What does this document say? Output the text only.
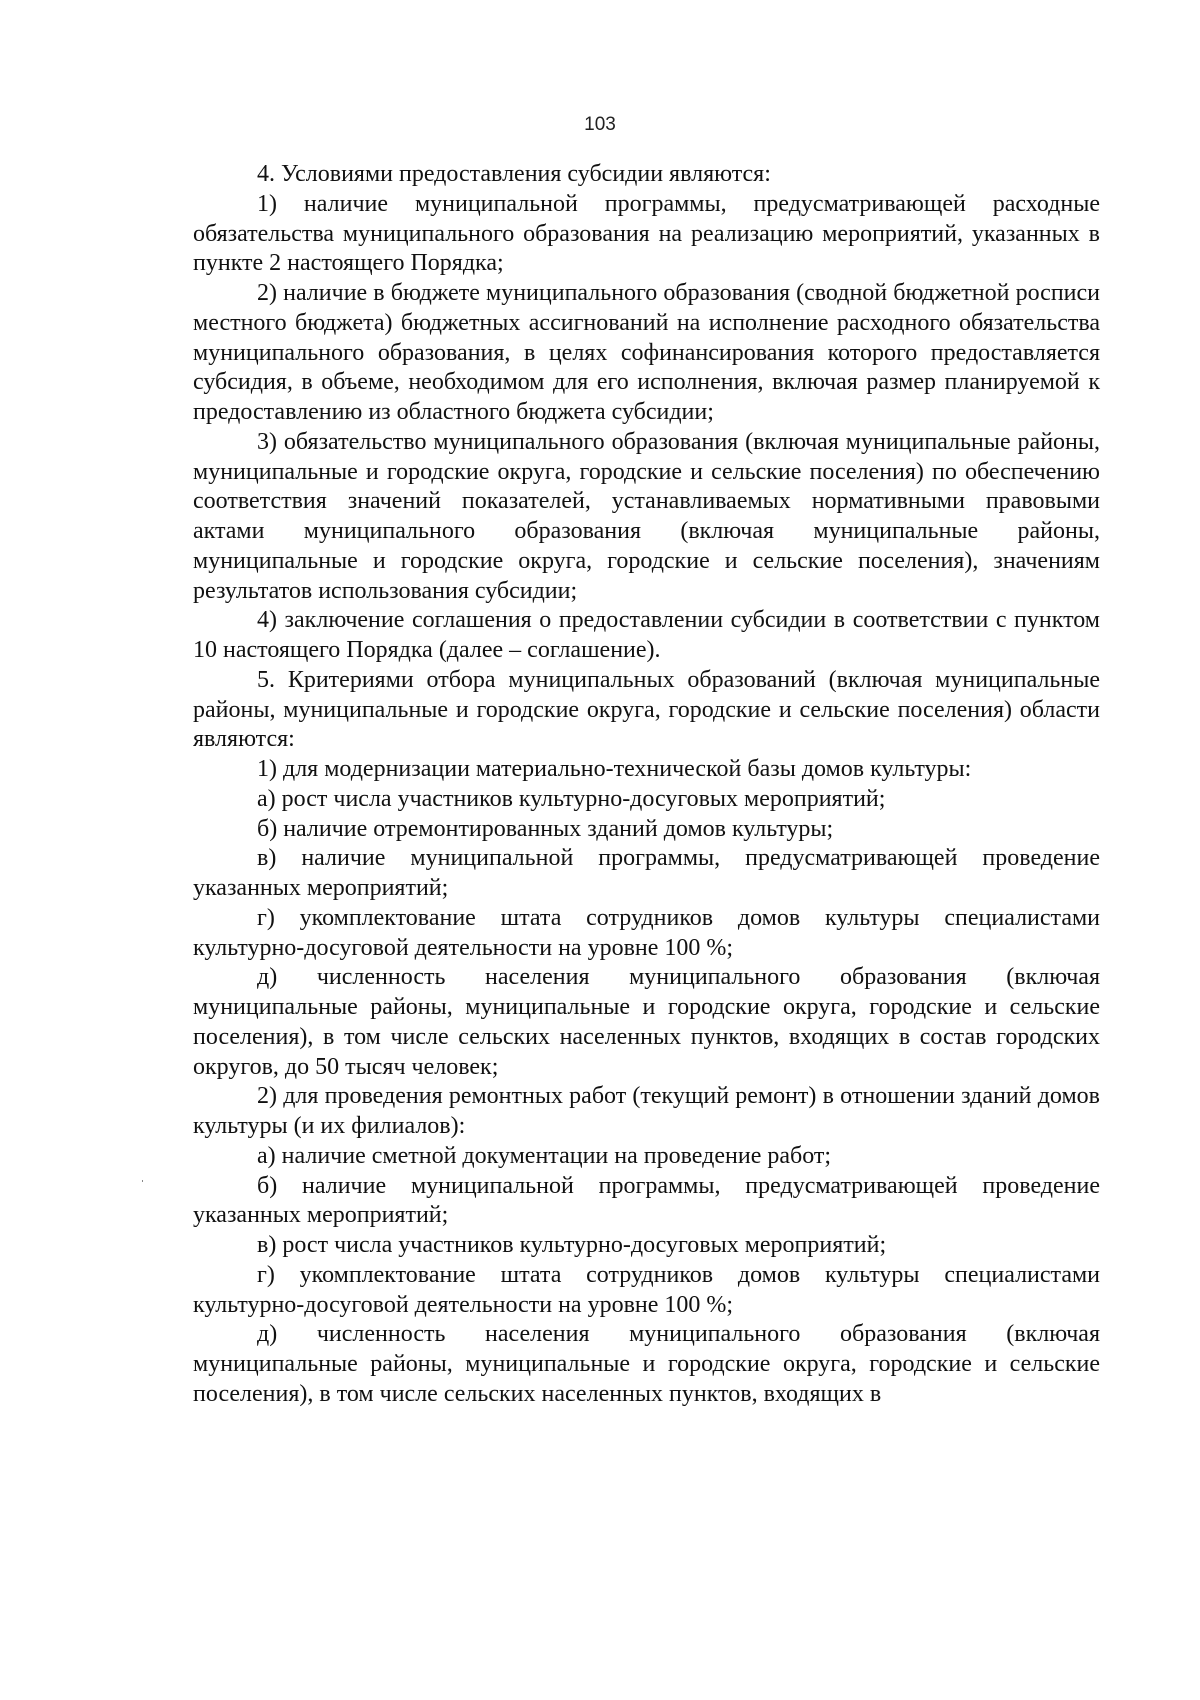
103

4. Условиями предоставления субсидии являются:

1) наличие муниципальной программы, предусматривающей расходные обязательства муниципального образования на реализацию мероприятий, указанных в пункте 2 настоящего Порядка;

2) наличие в бюджете муниципального образования (сводной бюджетной росписи местного бюджета) бюджетных ассигнований на исполнение расходного обязательства муниципального образования, в целях софинансирования которого предоставляется субсидия, в объеме, необходимом для его исполнения, включая размер планируемой к предоставлению из областного бюджета субсидии;

3) обязательство муниципального образования (включая муниципальные районы, муниципальные и городские округа, городские и сельские поселения) по обеспечению соответствия значений показателей, устанавливаемых нормативными правовыми актами муниципального образования (включая муниципальные районы, муниципальные и городские округа, городские и сельские поселения), значениям результатов использования субсидии;

4) заключение соглашения о предоставлении субсидии в соответствии с пунктом 10 настоящего Порядка (далее – соглашение).

5. Критериями отбора муниципальных образований (включая муниципальные районы, муниципальные и городские округа, городские и сельские поселения) области являются:

1) для модернизации материально-технической базы домов культуры:

а) рост числа участников культурно-досуговых мероприятий;

б) наличие отремонтированных зданий домов культуры;

в) наличие муниципальной программы, предусматривающей проведение указанных мероприятий;

г) укомплектование штата сотрудников домов культуры специалистами культурно-досуговой деятельности на уровне 100 %;

д) численность населения муниципального образования (включая муниципальные районы, муниципальные и городские округа, городские и сельские поселения), в том числе сельских населенных пунктов, входящих в состав городских округов, до 50 тысяч человек;

2) для проведения ремонтных работ (текущий ремонт) в отношении зданий домов культуры (и их филиалов):

а) наличие сметной документации на проведение работ;

б) наличие муниципальной программы, предусматривающей проведение указанных мероприятий;

в) рост числа участников культурно-досуговых мероприятий;

г) укомплектование штата сотрудников домов культуры специалистами культурно-досуговой деятельности на уровне 100 %;

д) численность населения муниципального образования (включая муниципальные районы, муниципальные и городские округа, городские и сельские поселения), в том числе сельских населенных пунктов, входящих в
